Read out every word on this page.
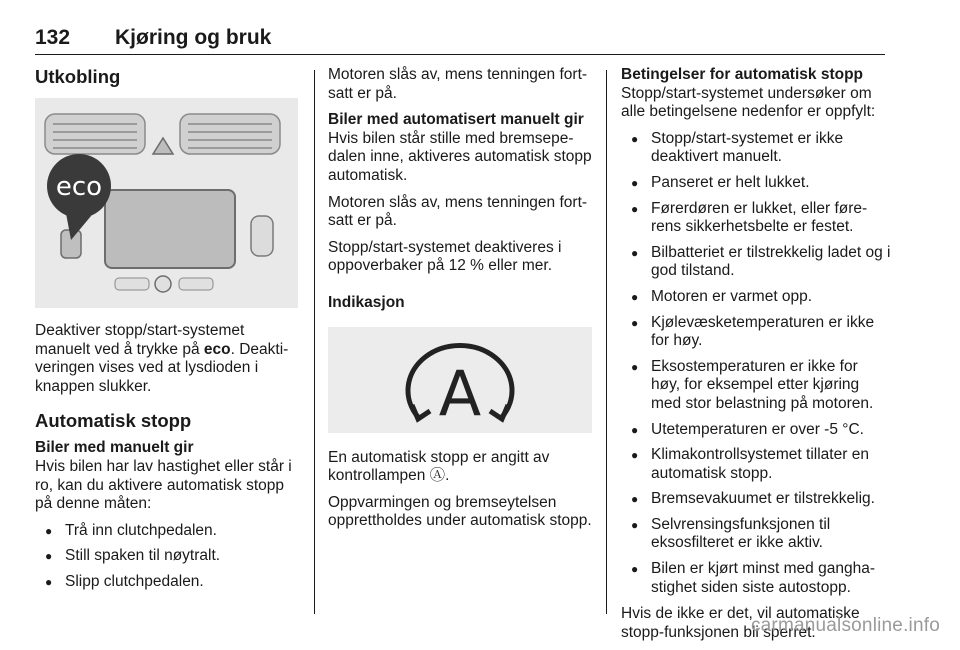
132 Kjøring og bruk
Utkobling
eco

Deaktiver stopp/start-systemet manuelt ved å trykke på eco. Deaktiveringen vises ved at lysdioden i knappen slukker.

Automatisk stopp
Biler med manuelt gir

Hvis bilen har lav hastighet eller står i ro, kan du aktivere automatisk stopp på denne måten:

● Trå inn clutchpedalen.
● Still spaken til nøytralt.
● Slipp clutchpedalen.

Motoren slås av, mens tenningen fortsatt er på.

Biler med automatisert manuelt gir

Hvis bilen står stille med bremsepedalen inne, aktiveres automatisk stopp automatisk.

Motoren slås av, mens tenningen fortsatt er på.

Stopp/start-systemet deaktiveres i oppoverbaker på 12 % eller mer.

Indikasjon
A

En automatisk stopp er angitt av kontrollampen Ⓐ.

Oppvarmingen og bremseytelsen opprettholdes under automatisk stopp.

Betingelser for automatisk stopp

Stopp/start-systemet undersøker om alle betingelsene nedenfor er oppfylt:

● Stopp/start-systemet er ikke deaktivert manuelt.
● Panseret er helt lukket.
● Førerdøren er lukket, eller førerens sikkerhetsbelte er festet.
● Bilbatteriet er tilstrekkelig ladet og i god tilstand.
● Motoren er varmet opp.
● Kjølevæsketemperaturen er ikke for høy.
● Eksostemperaturen er ikke for høy, for eksempel etter kjøring med stor belastning på motoren.
● Utetemperaturen er over -5 °C.
● Klimakontrollsystemet tillater en automatisk stopp.
● Bremsevakuumet er tilstrekkelig.
● Selvrensingsfunksjonen til eksosfilteret er ikke aktiv.
● Bilen er kjørt minst med ganghastighet siden siste autostopp.

Hvis de ikke er det, vil automatiske stopp-funksjonen bli sperret.

carmanualsonline.info
